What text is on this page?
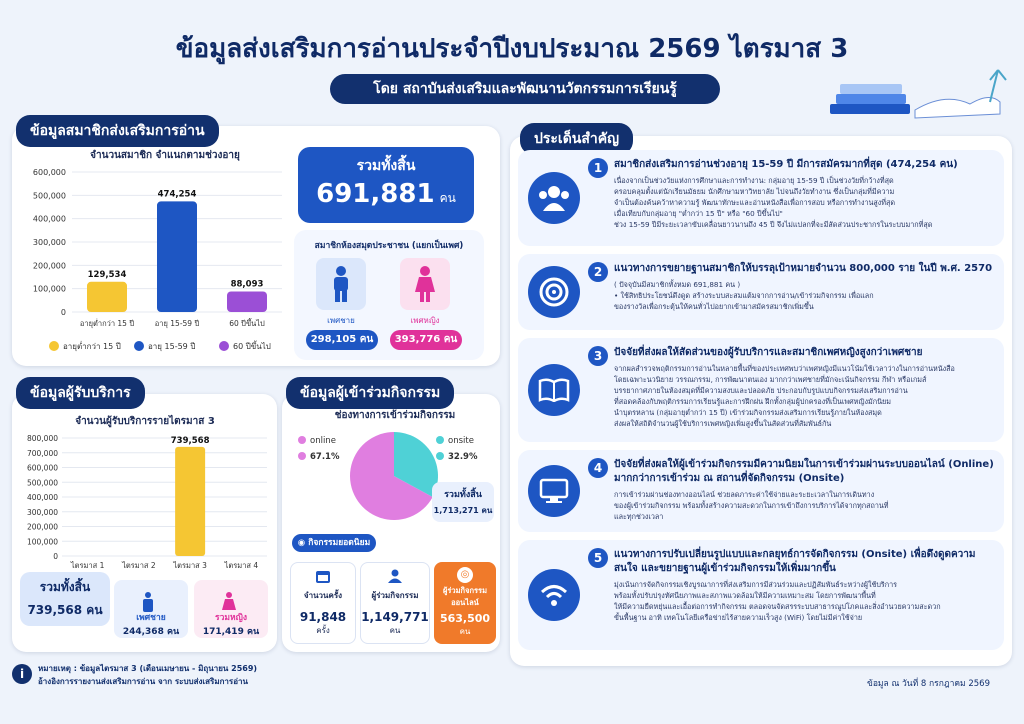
ข้อมูลส่งเสริมการอ่านประจำปีงบประมาณ 2569 ไตรมาส 3
โดย สถาบันส่งเสริมและพัฒนานวัตกรรมการเรียนรู้
ข้อมูลสมาชิกส่งเสริมการอ่าน
จำนวนสมาชิก จำแนกตามช่วงอายุ
600,000
500,000
400,000
300,000
200,000
100,000
0
129,534
อายุต่ำกว่า 15 ปี
474,254
อายุ 15-59 ปี
88,093
60 ปีขึ้นไป
อายุต่ำกว่า 15 ปี	อายุ 15-59 ปี	60 ปีขึ้นไป
รวมทั้งสิ้น
691,881 คน
สมาชิกห้องสมุดประชาชน (แยกเป็นเพศ)
เพศชาย	เพศหญิง
298,105 คน	393,776 คน
ข้อมูลผู้รับบริการ
จำนวนผู้รับบริการรายไตรมาส 3
800,000
700,000
600,000
500,000
400,000
300,000
200,000
100,000
0
ไตรมาส 1 ไตรมาส 2
739,568
ไตรมาส 3 ไตรมาส 4
รวมทั้งสิ้น
739,568 คน
เพศชาย
244,368 คน
รวมหญิง
171,419 คน
ข้อมูลผู้เข้าร่วมกิจกรรม
ช่องทางการเข้าร่วมกิจกรรม
online
67.1%
onsite
32.9%
รวมทั้งสิ้น
1,713,271 คน
◉ กิจกรรมยอดนิยม
จำนวนครั้ง
91,848
ครั้ง
ผู้ร่วมกิจกรรม
1,149,771
คน
◎
ผู้ร่วมกิจกรรม ออนไลน์
563,500
คน
ประเด็นสำคัญ
1	สมาชิกส่งเสริมการอ่านช่วงอายุ 15-59 ปี มีการสมัครมากที่สุด (474,254 คน)
เนื่องจากเป็นช่วงวัยแห่งการศึกษาและการทำงาน: กลุ่มอายุ 15-59 ปี เป็นช่วงวัยที่กว้างที่สุด
ครอบคลุมตั้งแต่นักเรียนมัธยม นักศึกษามหาวิทยาลัย ไปจนถึงวัยทำงาน ซึ่งเป็นกลุ่มที่มีความ
จำเป็นต้องค้นคว้าหาความรู้ พัฒนาทักษะและอ่านหนังสือเพื่อการสอบ หรือการทำงานสูงที่สุด
เมื่อเทียบกับกลุ่มอายุ "ต่ำกว่า 15 ปี" หรือ "60 ปีขึ้นไป"
ช่วง 15-59 ปีมีระยะเวลาขับเคลื่อนยาวนานถึง 45 ปี จึงไม่แปลกที่จะมีสัดส่วนประชากรในระบบมากที่สุด
2	แนวทางการขยายฐานสมาชิกให้บรรลุเป้าหมายจำนวน 800,000 ราย ในปี พ.ศ. 2570
( ปัจจุบันมีสมาชิกทั้งหมด 691,881 คน )
• ใช้สิทธิประโยชน์ดึงดูด สร้างระบบสะสมแต้มจากการอ่าน/เข้าร่วมกิจกรรม เพื่อแลก
ของรางวัลเพื่อกระตุ้นให้คนทั่วไปอยากเข้ามาสมัครสมาชิกเพิ่มขึ้น
3	ปัจจัยที่ส่งผลให้สัดส่วนของผู้รับบริการและสมาชิกเพศหญิงสูงกว่าเพศชาย
จากผลสำรวจพฤติกรรมการอ่านในหลายพื้นที่ของประเทศพบว่าเพศหญิงมีแนวโน้มใช้เวลาว่างในการอ่านหนังสือ
โดยเฉพาะนวนิยาย วรรณกรรม, การพัฒนาตนเอง มากกว่าเพศชายที่มักจะเน้นกิจกรรม กีฬา หรือเกมส์
บรรยากาศภายในห้องสมุดที่มีความสงบและปลอดภัย ประกอบกับรูปแบบกิจกรรมส่งเสริมการอ่าน
ที่สอดคล้องกับพฤติกรรมการเรียนรู้และการฝึกฝน ฝึกทั้งกลุ่มผู้ปกครองที่เป็นเพศหญิงมักนิยม
นำบุตรหลาน (กลุ่มอายุต่ำกว่า 15 ปี) เข้าร่วมกิจกรรมส่งเสริมการเรียนรู้ภายในห้องสมุด
ส่งผลให้สถิติจำนวนผู้ใช้บริการเพศหญิงเพิ่มสูงขึ้นในสัดส่วนที่สัมพันธ์กัน
4	ปัจจัยที่ส่งผลให้ผู้เข้าร่วมกิจกรรมมีความนิยมในการเข้าร่วมผ่านระบบออนไลน์ (Online) มากกว่าการเข้าร่วม ณ สถานที่จัดกิจกรรม (Onsite)
การเข้าร่วมผ่านช่องทางออนไลน์ ช่วยลดภาระค่าใช้จ่ายและระยะเวลาในการเดินทาง
ของผู้เข้าร่วมกิจกรรม พร้อมทั้งสร้างความสะดวกในการเข้าถึงการบริการได้จากทุกสถานที่
และทุกช่วงเวลา
5	แนวทางการปรับเปลี่ยนรูปแบบและกลยุทธ์การจัดกิจกรรม (Onsite) เพื่อดึงดูดความสนใจ และขยายฐานผู้เข้าร่วมกิจกรรมให้เพิ่มมากขึ้น
มุ่งเน้นการจัดกิจกรรมเชิงบูรณาการที่ส่งเสริมการมีส่วนร่วมและปฏิสัมพันธ์ระหว่างผู้ใช้บริการ
พร้อมทั้งปรับปรุงทัศนียภาพและสภาพแวดล้อมให้มีความเหมาะสม โดยการพัฒนาพื้นที่
ให้มีความยืดหยุ่นและเอื้อต่อการทำกิจกรรม ตลอดจนจัดสรรระบบสาธารณูปโภคและสิ่งอำนวยความสะดวก
ขั้นพื้นฐาน อาทิ เทคโนโลยีเครือข่ายไร้สายความเร็วสูง (WiFi) โดยไม่มีค่าใช้จ่าย
i	หมายเหตุ : ข้อมูลไตรมาส 3 (เดือนเมษายน - มิถุนายน 2569)
อ้างอิงการรายงานส่งเสริมการอ่าน จาก ระบบส่งเสริมการอ่าน	ข้อมูล ณ วันที่ 8 กรกฎาคม 2569
